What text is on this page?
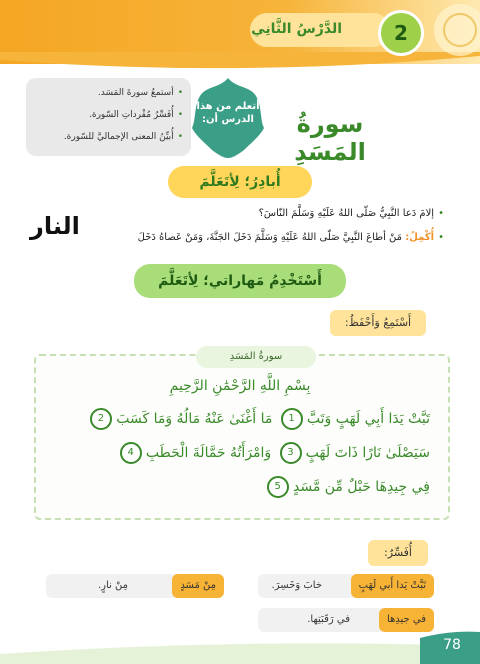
الدَّرْسُ الثَّانِي	2
• أستمعُ سورةَ المَسَد.
• أُفَسِّرُ مُفْرداتِ السّورة.
• أُبيِّنُ المعنى الإجماليَّ للسّورة.
أتعلم من هذا الدرس أن:	سورةُ المَسَدِ
أُبادِرُ؛ لِأتَعَلَّمَ
•إلامَ دَعا النَّبِيُّ صَلّى اللهُ عَلَيْهِ وَسَلَّمَ النّاسَ؟
•أُكْمِلُ: مَنْ أطاعَ النَّبِيَّ صَلّى اللهُ عَلَيْهِ وَسَلَّمَ دَخَلَ الجَنَّةَ، وَمَنْ عَصاهُ دَخَلَ
النار
أَسْتَخْدِمُ مَهاراتي؛ لِأتَعَلَّمَ
أَسْتَمِعُ وَأَحْفَظُ:
سورةُ المَسَدِ
بِسْمِ اللَّهِ الرَّحْمَٰنِ الرَّحِيمِ
تَبَّتْ يَدَا أَبِي لَهَبٍ وَتَبَّ1 مَا أَغْنَىٰ عَنْهُ مَالُهُ وَمَا كَسَبَ2
سَيَصْلَىٰ نَارًا ذَاتَ لَهَبٍ3 وَامْرَأَتُهُ حَمَّالَةَ الْحَطَبِ4
فِي جِيدِهَا حَبْلٌ مِّن مَّسَدٍ5
أُفَسِّرُ:
تَبَّتْ يَدا أَبي لَهَبٍ
خابَ وَخَسِرَ.
مِنْ مَسَدٍ
مِنْ نارٍ.
في جيدِها
في رَقَبَتِها.
78
